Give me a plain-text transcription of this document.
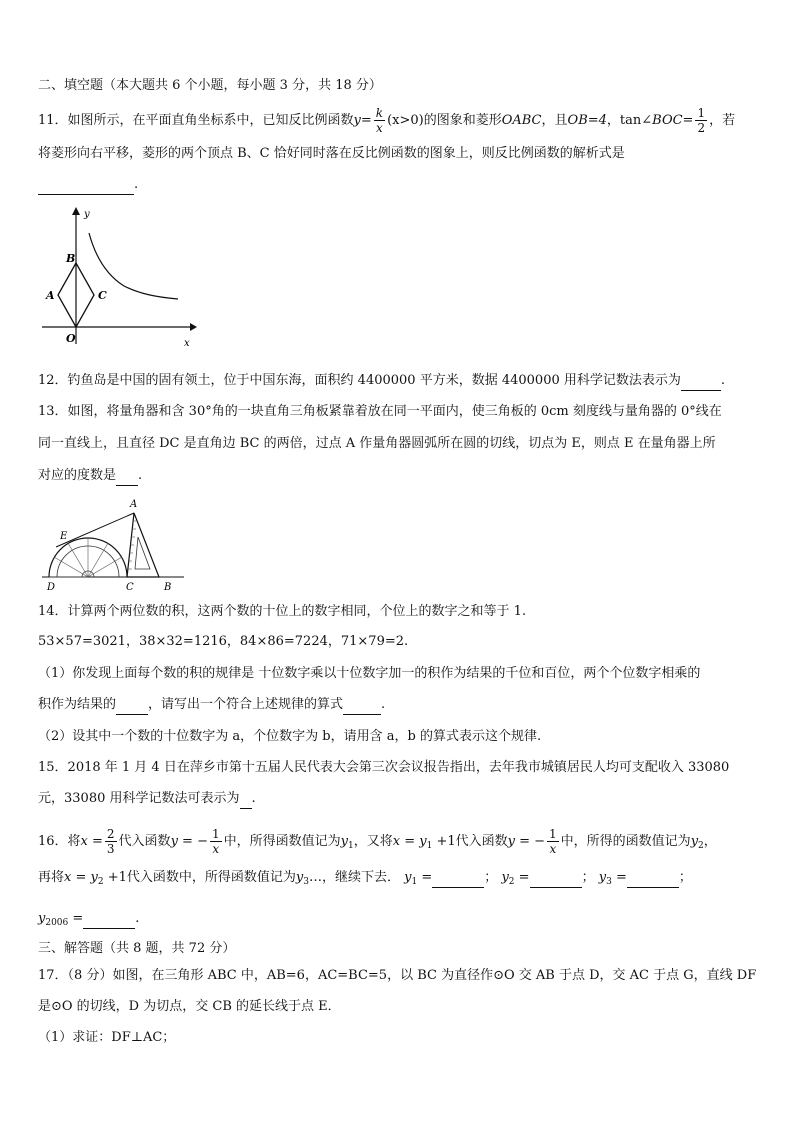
二、填空题（本大题共 6 个小题，每小题 3 分，共 18 分）
11．如图所示，在平面直角坐标系中，已知反比例函数$y= \frac{k}{x} (x>0)$的图象和菱形OABC，且OB=4，tan∠BOC= $\frac{1}{2}$ ，若
将菱形向右平移，菱形的两个顶点 B、C 恰好同时落在反比例函数的图象上，则反比例函数的解析式是
.
y
x
B
A	C
O
12．钓鱼岛是中国的固有领土，位于中国东海，面积约 4400000 平方米，数据 4400000 用科学记数法表示为	.
13．如图，将量角器和含 30°角的一块直角三角板紧靠着放在同一平面内，使三角板的 0cm 刻度线与量角器的 0°线在
同一直线上，且直径 DC 是直角边 BC 的两倍，过点 A 作量角器圆弧所在圆的切线，切点为 E，则点 E 在量角器上所
对应的度数是 .
A
E
D	C	B
14．计算两个两位数的积，这两个数的十位上的数字相同，个位上的数字之和等于 1.
53×57=3021，38×32=1216，84×86=7224，71×79=2.
（1）你发现上面每个数的积的规律是 十位数字乘以十位数字加一的积作为结果的千位和百位，两个个位数字相乘的
积作为结果的 ，请写出一个符合上述规律的算式	.
（2）设其中一个数的十位数字为 a，个位数字为 b，请用含 a，b 的算式表示这个规律.
15．2018 年 1 月 4 日在萍乡市第十五届人民代表大会第三次会议报告指出，去年我市城镇居民人均可支配收入 33080
元，33080 用科学记数法可表示为 .
16．将$x = \frac{2}{3}$ 代入函数y = − $\frac{1}{x}$ 中，所得函数值记为$y_1$，又将$x = y_1 +1$代入函数y = − $\frac{1}{x}$ 中，所得的函数值记为$y_2$，
再将$x = y_2 +1$代入函数中，所得函数值记为$y_3\dots$，继续下去． $y_1$ =	； $y_2$ =	； $y_3$ =	；
$y_{2006}$ =	.
三、解答题（共 8 题，共 72 分）
17．（8 分）如图，在三角形 ABC 中，AB=6，AC=BC=5，以 BC 为直径作⊙O 交 AB 于点 D，交 AC 于点 G，直线 DF
是⊙O 的切线，D 为切点，交 CB 的延长线于点 E．
（1）求证：DF⊥AC；
